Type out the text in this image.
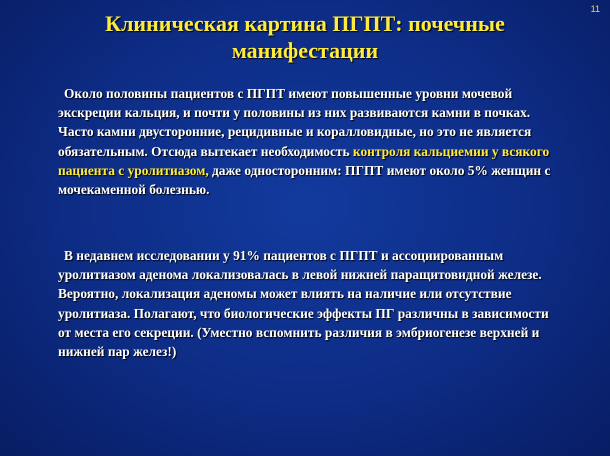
11
Клиническая картина ПГПТ: почечные
манифестации

Около половины пациентов с ПГПТ имеют повышенные уровни мочевой экскреции кальция, и почти у половины из них развиваются камни в почках. Часто камни двусторонние, рецидивные и коралловидные, но это не является обязательным. Отсюда вытекает необходимость контроля кальциемии у всякого пациента с уролитиазом, даже односторонним: ПГПТ имеют около 5% женщин с мочекаменной болезнью.

В недавнем исследовании у 91% пациентов с ПГПТ и ассоциированным уролитиазом аденома локализовалась в левой нижней паращитовидной железе. Вероятно, локализация аденомы может влиять на наличие или отсутствие уролитиаза. Полагают, что биологические эффекты ПГ различны в зависимости от места его секреции. (Уместно вспомнить различия в эмбриогенезе верхней и нижней пар желез!)
